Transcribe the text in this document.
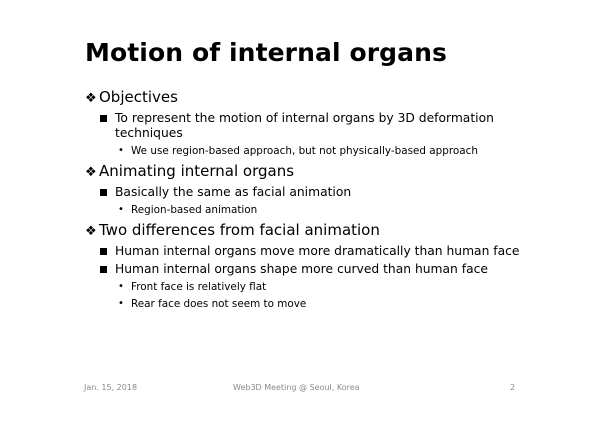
Motion of internal organs
❖ Objectives
To represent the motion of internal organs by 3D deformation techniques
• We use region-based approach, but not physically-based approach
❖ Animating internal organs
Basically the same as facial animation
• Region-based animation
❖ Two differences from facial animation
Human internal organs move more dramatically than human face
Human internal organs shape more curved than human face
• Front face is relatively flat
• Rear face does not seem to move
Jan. 15, 2018	Web3D Meeting @ Seoul, Korea	2
